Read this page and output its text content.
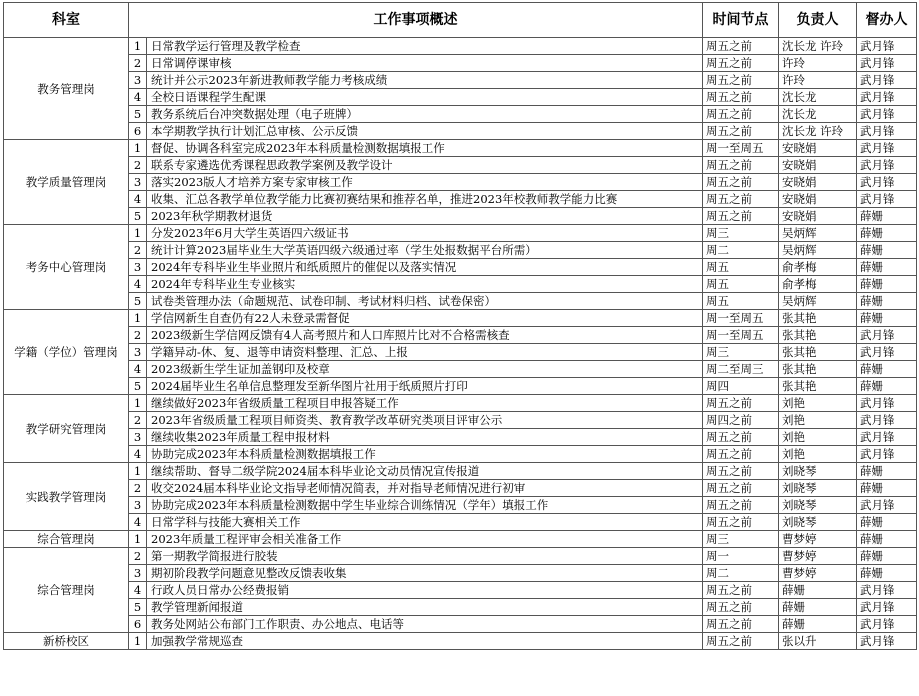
科室	工作事项概述		时间节点	负责人	督办人
教务管理岗	1	日常教学运行管理及教学检查	周五之前	沈长龙 许玲	武月锋
	2	日常调停课审核	周五之前	许玲	武月锋
	3	统计并公示2023年新进教师教学能力考核成绩	周五之前	许玲	武月锋
	4	全校日语课程学生配课	周五之前	沈长龙	武月锋
	5	教务系统后台冲突数据处理（电子班牌）	周五之前	沈长龙	武月锋
	6	本学期教学执行计划汇总审核、公示反馈	周五之前	沈长龙 许玲	武月锋
教学质量管理岗	1	督促、协调各科室完成2023年本科质量检测数据填报工作	周一至周五	安晓娟	武月锋
	2	联系专家遴选优秀课程思政教学案例及教学设计	周五之前	安晓娟	武月锋
	3	落实2023版人才培养方案专家审核工作	周五之前	安晓娟	武月锋
	4	收集、汇总各教学单位教学能力比赛初赛结果和推荐名单，推进2023年校教师教学能力比赛	周五之前	安晓娟	武月锋
	5	2023年秋学期教材退货	周五之前	安晓娟	薛姗
考务中心管理岗	1	分发2023年6月大学生英语四六级证书	周三	吴炳辉	薛姗
	2	统计计算2023届毕业生大学英语四级六级通过率（学生处报数据平台所需）	周二	吴炳辉	薛姗
	3	2024年专科毕业生毕业照片和纸质照片的催促以及落实情况	周五	俞孝梅	薛姗
	4	2024年专科毕业生专业核实	周五	俞孝梅	薛姗
	5	试卷类管理办法（命题规范、试卷印制、考试材料归档、试卷保密）	周五	吴炳辉	薛姗
学籍（学位）管理岗	1	学信网新生自查仍有22人未登录需督促	周一至周五	张其艳	薛姗
	2	2023级新生学信网反馈有4人高考照片和人口库照片比对不合格需核查	周一至周五	张其艳	武月锋
	3	学籍异动-休、复、退等申请资料整理、汇总、上报	周三	张其艳	武月锋
	4	2023级新生学生证加盖钢印及校章	周二至周三	张其艳	薛姗
	5	2024届毕业生名单信息整理发至新华图片社用于纸质照片打印	周四	张其艳	薛姗
教学研究管理岗	1	继续做好2023年省级质量工程项目申报答疑工作	周五之前	刘艳	武月锋
	2	2023年省级质量工程项目师资类、教育教学改革研究类项目评审公示	周四之前	刘艳	武月锋
	3	继续收集2023年质量工程申报材料	周五之前	刘艳	武月锋
	4	协助完成2023年本科质量检测数据填报工作	周五之前	刘艳	武月锋
实践教学管理岗	1	继续帮助、督导二级学院2024届本科毕业论文动员情况宣传报道	周五之前	刘晓琴	薛姗
	2	收交2024届本科毕业论文指导老师情况简表，并对指导老师情况进行初审	周五之前	刘晓琴	薛姗
	3	协助完成2023年本科质量检测数据中学生毕业综合训练情况（学年）填报工作	周五之前	刘晓琴	武月锋
	4	日常学科与技能大赛相关工作	周五之前	刘晓琴	薛姗
综合管理岗	1	2023年质量工程评审会相关准备工作	周三	曹梦婷	薛姗
综合管理岗	2	第一期教学简报进行胶装	周一	曹梦婷	薛姗
	3	期初阶段教学问题意见整改反馈表收集	周二	曹梦婷	薛姗
	4	行政人员日常办公经费报销	周五之前	薛姗	武月锋
	5	教学管理新闻报道	周五之前	薛姗	武月锋
	6	教务处网站公布部门工作职责、办公地点、电话等	周五之前	薛姗	武月锋
新桥校区	1	加强教学常规巡查	周五之前	张以升	武月锋
